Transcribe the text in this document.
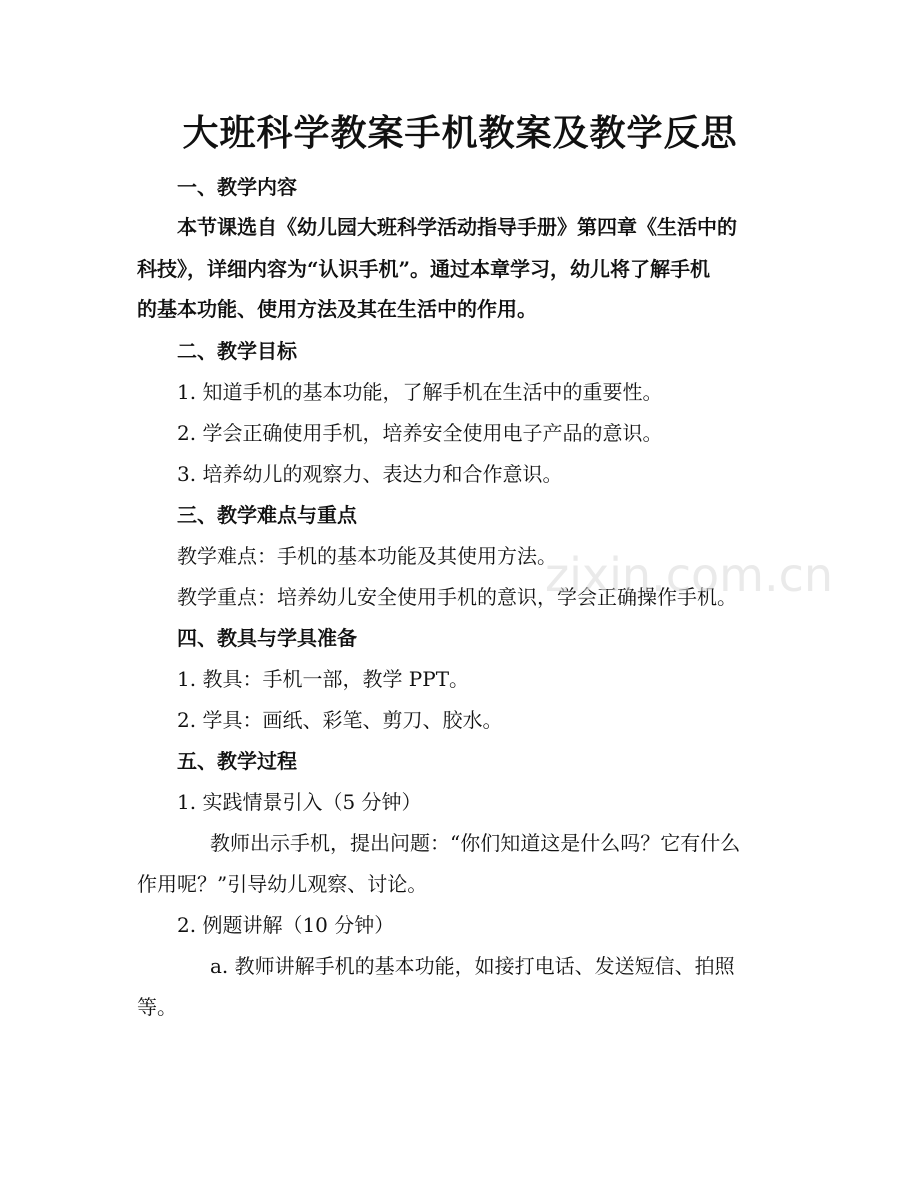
大班科学教案手机教案及教学反思
一、教学内容
本节课选自《幼儿园大班科学活动指导手册》第四章《生活中的
科技》，详细内容为“认识手机”。通过本章学习，幼儿将了解手机
的基本功能、使用方法及其在生活中的作用。
二、教学目标
1. 知道手机的基本功能，了解手机在生活中的重要性。
2. 学会正确使用手机，培养安全使用电子产品的意识。
3. 培养幼儿的观察力、表达力和合作意识。
三、教学难点与重点
教学难点：手机的基本功能及其使用方法。
教学重点：培养幼儿安全使用手机的意识，学会正确操作手机。
四、教具与学具准备
1. 教具：手机一部，教学 PPT。
2. 学具：画纸、彩笔、剪刀、胶水。
五、教学过程
1. 实践情景引入（5 分钟）
教师出示手机，提出问题：“你们知道这是什么吗？它有什么
作用呢？”引导幼儿观察、讨论。
2. 例题讲解（10 分钟）
a. 教师讲解手机的基本功能，如接打电话、发送短信、拍照
等。
zixin.com.cn
